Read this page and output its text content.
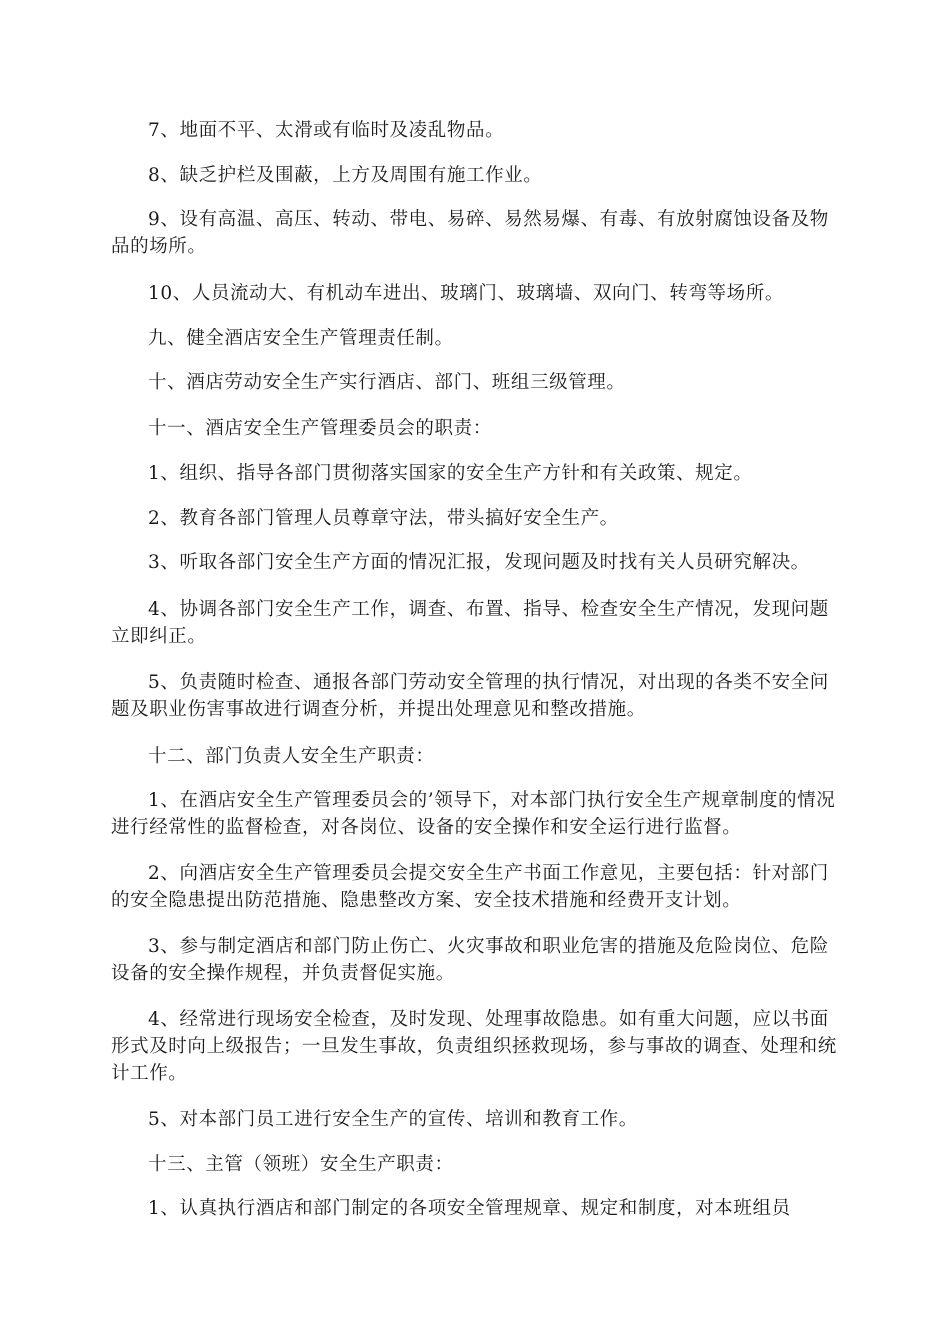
7、地面不平、太滑或有临时及凌乱物品。

8、缺乏护栏及围蔽，上方及周围有施工作业。

9、设有高温、高压、转动、带电、易碎、易然易爆、有毒、有放射腐蚀设备及物品的场所。

10、人员流动大、有机动车进出、玻璃门、玻璃墙、双向门、转弯等场所。

九、健全酒店安全生产管理责任制。

十、酒店劳动安全生产实行酒店、部门、班组三级管理。

十一、酒店安全生产管理委员会的职责：

1、组织、指导各部门贯彻落实国家的安全生产方针和有关政策、规定。

2、教育各部门管理人员尊章守法，带头搞好安全生产。

3、听取各部门安全生产方面的情况汇报，发现问题及时找有关人员研究解决。

4、协调各部门安全生产工作，调查、布置、指导、检查安全生产情况，发现问题立即纠正。

5、负责随时检查、通报各部门劳动安全管理的执行情况，对出现的各类不安全问题及职业伤害事故进行调查分析，并提出处理意见和整改措施。

十二、部门负责人安全生产职责：

1、在酒店安全生产管理委员会的’领导下，对本部门执行安全生产规章制度的情况进行经常性的监督检查，对各岗位、设备的安全操作和安全运行进行监督。

2、向酒店安全生产管理委员会提交安全生产书面工作意见，主要包括：针对部门的安全隐患提出防范措施、隐患整改方案、安全技术措施和经费开支计划。

3、参与制定酒店和部门防止伤亡、火灾事故和职业危害的措施及危险岗位、危险设备的安全操作规程，并负责督促实施。

4、经常进行现场安全检查，及时发现、处理事故隐患。如有重大问题，应以书面形式及时向上级报告；一旦发生事故，负责组织拯救现场，参与事故的调查、处理和统计工作。

5、对本部门员工进行安全生产的宣传、培训和教育工作。

十三、主管（领班）安全生产职责：

1、认真执行酒店和部门制定的各项安全管理规章、规定和制度，对本班组员
